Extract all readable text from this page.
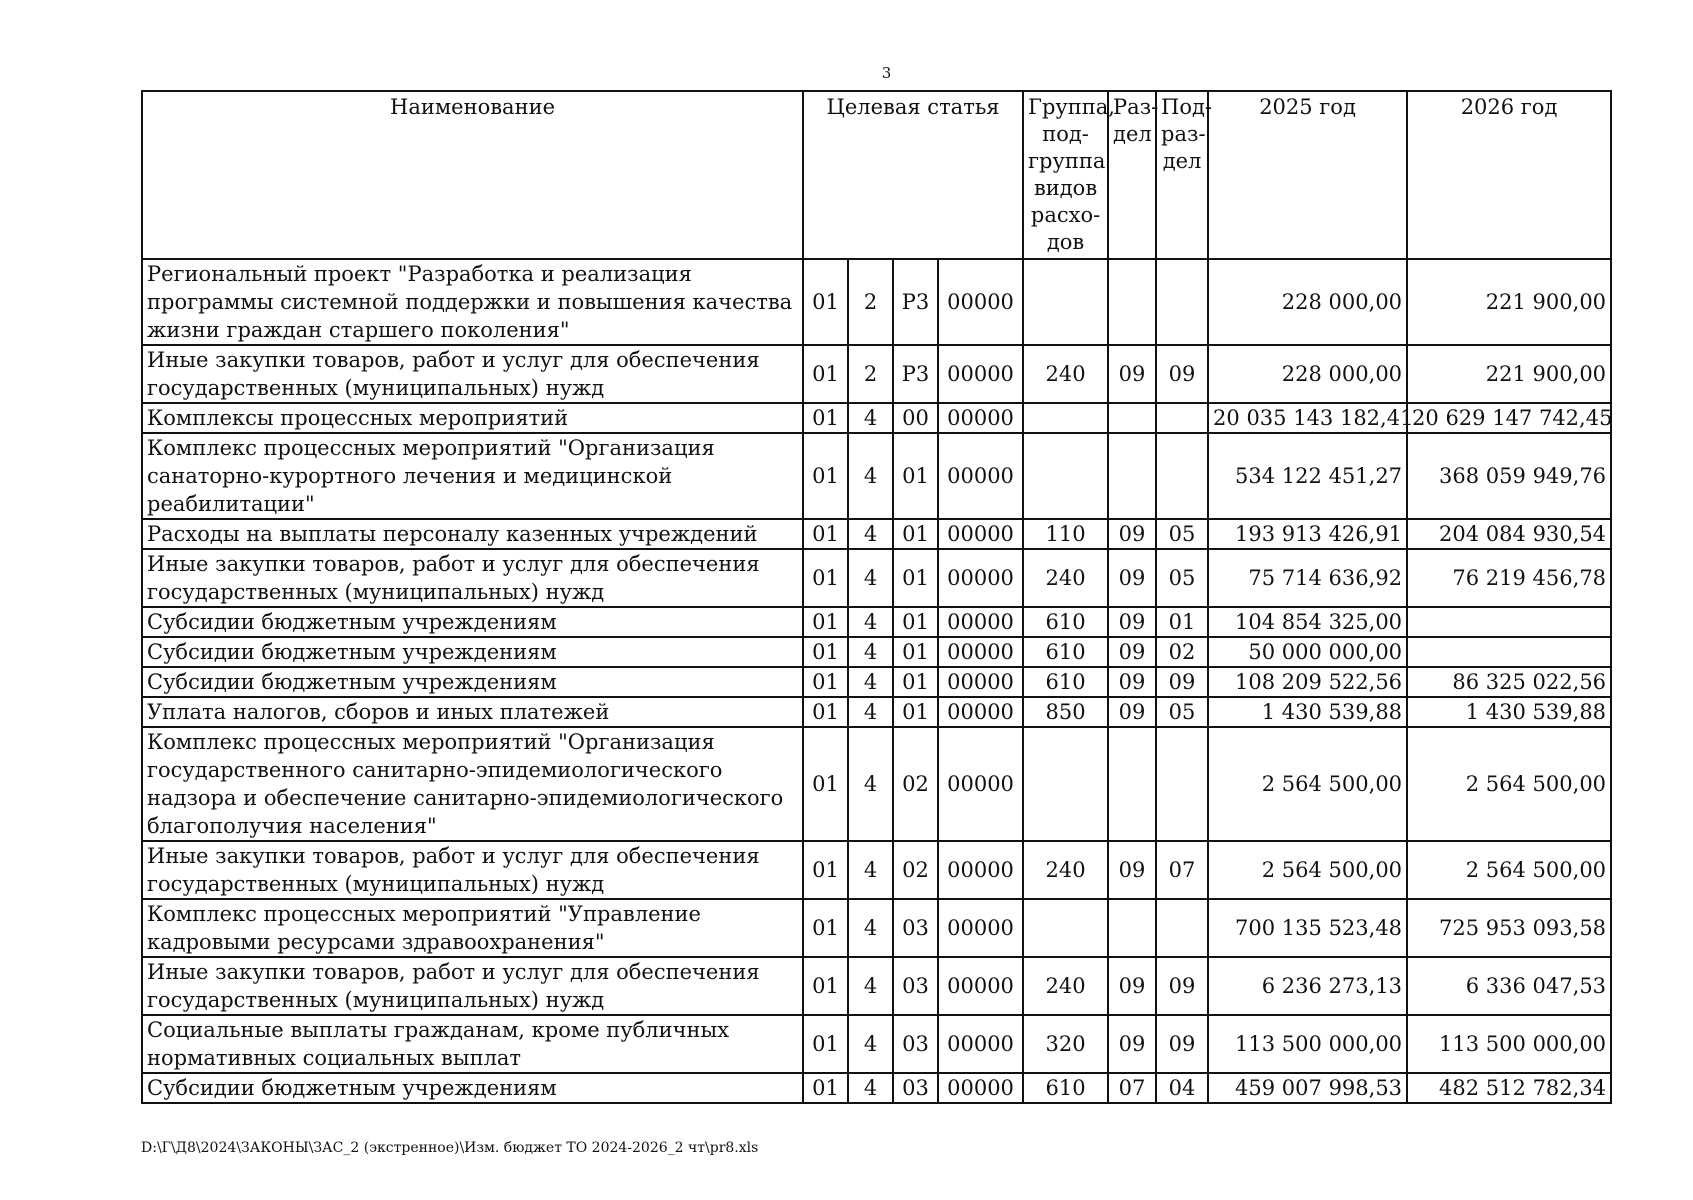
3
Наименование	Целевая статья				Группа, под-группа видов расхо-дов	Раз-дел	Под-раз-дел	2025 год	2026 год
Региональный проект "Разработка и реализация программы системной поддержки и повышения качества жизни граждан старшего поколения"	01	2	Р3	00000				228 000,00	221 900,00
Иные закупки товаров, работ и услуг для обеспечения государственных (муниципальных) нужд	01	2	Р3	00000	240	09	09	228 000,00	221 900,00
Комплексы процессных мероприятий	01	4	00	00000				20 035 143 182,41	20 629 147 742,45
Комплекс процессных мероприятий "Организация санаторно-курортного лечения и медицинской реабилитации"	01	4	01	00000				534 122 451,27	368 059 949,76
Расходы на выплаты персоналу казенных учреждений	01	4	01	00000	110	09	05	193 913 426,91	204 084 930,54
Иные закупки товаров, работ и услуг для обеспечения государственных (муниципальных) нужд	01	4	01	00000	240	09	05	75 714 636,92	76 219 456,78
Субсидии бюджетным учреждениям	01	4	01	00000	610	09	01	104 854 325,00	
Субсидии бюджетным учреждениям	01	4	01	00000	610	09	02	50 000 000,00	
Субсидии бюджетным учреждениям	01	4	01	00000	610	09	09	108 209 522,56	86 325 022,56
Уплата налогов, сборов и иных платежей	01	4	01	00000	850	09	05	1 430 539,88	1 430 539,88
Комплекс процессных мероприятий "Организация государственного санитарно-эпидемиологического надзора и обеспечение санитарно-эпидемиологического благополучия населения"	01	4	02	00000				2 564 500,00	2 564 500,00
Иные закупки товаров, работ и услуг для обеспечения государственных (муниципальных) нужд	01	4	02	00000	240	09	07	2 564 500,00	2 564 500,00
Комплекс процессных мероприятий "Управление кадровыми ресурсами здравоохранения"	01	4	03	00000				700 135 523,48	725 953 093,58
Иные закупки товаров, работ и услуг для обеспечения государственных (муниципальных) нужд	01	4	03	00000	240	09	09	6 236 273,13	6 336 047,53
Социальные выплаты гражданам, кроме публичных нормативных социальных выплат	01	4	03	00000	320	09	09	113 500 000,00	113 500 000,00
Субсидии бюджетным учреждениям	01	4	03	00000	610	07	04	459 007 998,53	482 512 782,34
D:\Г\Д8\2024\ЗАКОНЫ\ЗАС_2 (экстренное)\Изм. бюджет ТО 2024-2026_2 чт\pr8.xls
